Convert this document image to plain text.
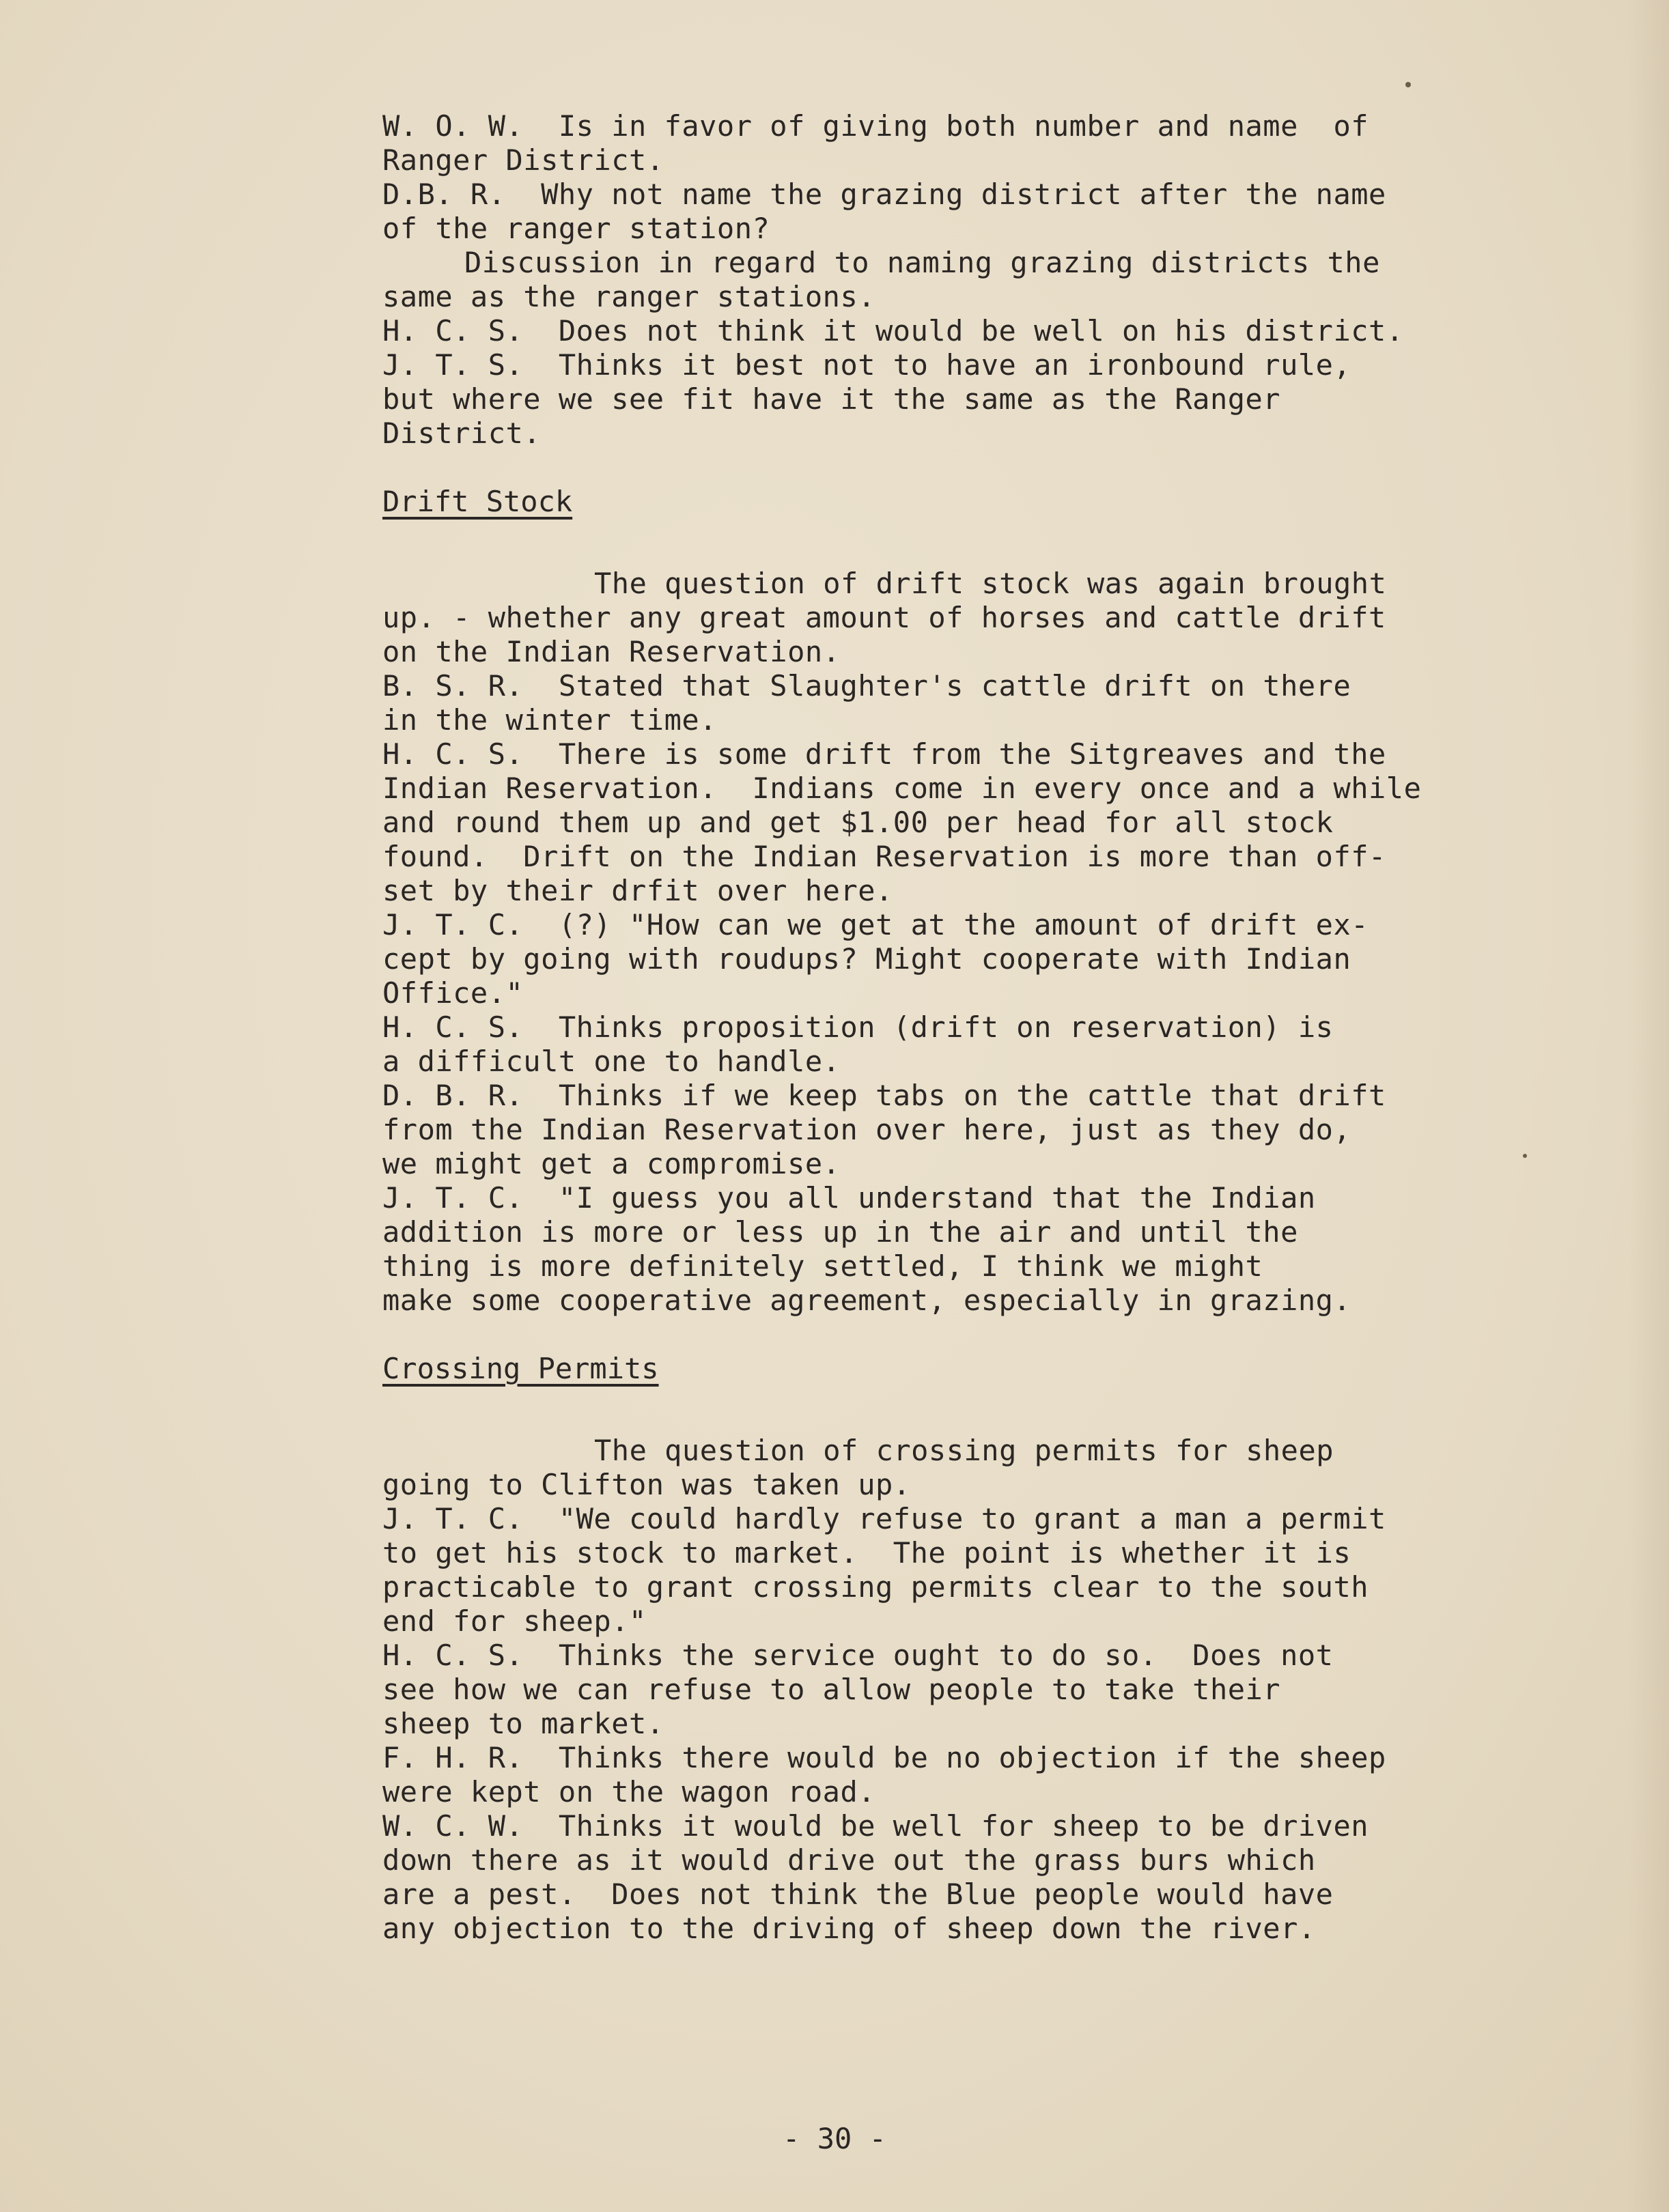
W. O. W.  Is in favor of giving both number and name  of

Ranger District.

D.B. R.  Why not name the grazing district after the name

of the ranger station?

Discussion in regard to naming grazing districts the

same as the ranger stations.

H. C. S.  Does not think it would be well on his district.

J. T. S.  Thinks it best not to have an ironbound rule,

but where we see fit have it the same as the Ranger

District.

Drift Stock

The question of drift stock was again brought

up. - whether any great amount of horses and cattle drift

on the Indian Reservation.

B. S. R.  Stated that Slaughter's cattle drift on there

in the winter time.

H. C. S.  There is some drift from the Sitgreaves and the

Indian Reservation.  Indians come in every once and a while

and round them up and get $1.00 per head for all stock

found.  Drift on the Indian Reservation is more than off-

set by their drfit over here.

J. T. C.  (?) "How can we get at the amount of drift ex-

cept by going with roudups? Might cooperate with Indian

Office."

H. C. S.  Thinks proposition (drift on reservation) is

a difficult one to handle.

D. B. R.  Thinks if we keep tabs on the cattle that drift

from the Indian Reservation over here, just as they do,

we might get a compromise.

J. T. C.  "I guess you all understand that the Indian

addition is more or less up in the air and until the

thing is more definitely settled, I think we might

make some cooperative agreement, especially in grazing.

Crossing Permits

The question of crossing permits for sheep

going to Clifton was taken up.

J. T. C.  "We could hardly refuse to grant a man a permit

to get his stock to market.  The point is whether it is

practicable to grant crossing permits clear to the south

end for sheep."

H. C. S.  Thinks the service ought to do so.  Does not

see how we can refuse to allow people to take their

sheep to market.

F. H. R.  Thinks there would be no objection if the sheep

were kept on the wagon road.

W. C. W.  Thinks it would be well for sheep to be driven

down there as it would drive out the grass burs which

are a pest.  Does not think the Blue people would have

any objection to the driving of sheep down the river.

- 30 -
